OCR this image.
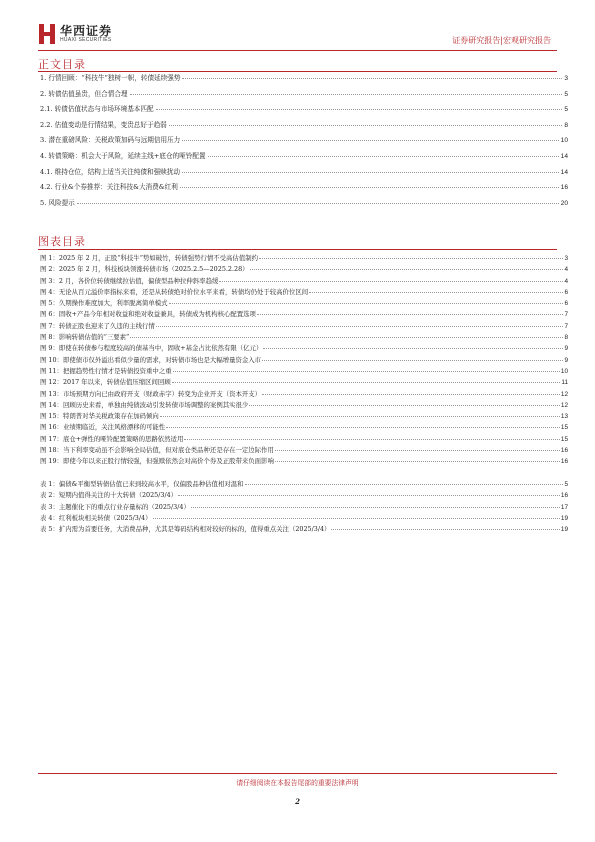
华西证券
HUAXI SECURITIES	证券研究报告|宏观研究报告
正文目录
1. 行情回顾：“科技牛”独树一帜，转债延续强势	3
2. 转债估值虽贵，但合情合理	5
2.1. 转债估值状态与市场环境基本匹配	5
2.2. 估值变动是行情结果，变贵总好于趋弱	8
3. 潜在重磅风险：关税政策加码与远期信用压力	10
4. 转债策略：机会大于风险，延续主线+底仓的哑铃配置	14
4.1. 维持仓位，结构上适当关注纯债和强赎扰动	14
4.2. 行业&个券推荐：关注科技&大消费&红利	16
5. 风险提示	20
图表目录
图 1：2025 年 2 月，正股“科技牛”势如破竹，转债强势行情不受高估值制约	3
图 2：2025 年 2 月，科技板块领涨转债市场（2025.2.5—2025.2.28）	4
图 3：2 月，各价位转债继续拉估值，偏债型品种拉伸斜率趋缓	4
图 4：无论从百元溢价率指标来看，还是从转债绝对价位水平来看，转债均仍处于较高价位区间	6
图 5：久期操作难度加大，利率脱离简单模式	6
图 6：固收+产品今年相对收益和绝对收益兼具，转债成为机构核心配置选项	7
图 7：转债正股也迎来了久违的主线行情	7
图 8：影响转债估值的“三要素”	8
图 9：即使在转债参与程度较高的债基当中，固收+基金占比依然有限（亿元）	9
图 10：即使债市仅外溢出看似少量的需求，对转债市场也是大幅增量资金入市	9
图 11：把握趋势性行情才是转债投资重中之重	10
图 12：2017 年以来，转债估值压缩区间回顾	11
图 13：市场预期方向已由政府开支（财政赤字）转变为企业开支（资本开支）	12
图 14：回顾历史来看，单独由纯债波动引发转债市场调整的案例其实很少	12
图 15：特朗普对华关税政策存在加码倾向	13
图 16：业绩期临近，关注风格漂移的可能性	15
图 17：底仓+弹性的哑铃配置策略的思路依然适用	15
图 18：当下利率变动虽不会影响全局估值，但对底仓类品种还是存在一定边际作用	16
图 19：即使今年以来正股行情较强，但强赎依然会对高价个券及正股带来负面影响	16
表 1：偏债&平衡型转债估值已来到较高水平，仅偏股品种估值相对温和	5
表 2：短期内值得关注的十大转债（2025/3/4）	16
表 3：主题催化下的重点行业存量标的（2025/3/4）	17
表 4：红利板块相关转债（2025/3/4）	19
表 5：扩内需为首要任务，大消费品种，尤其是筹码结构相对较好的标的，值得重点关注（2025/3/4）	19
请仔细阅读在本报告尾部的重要法律声明
2
